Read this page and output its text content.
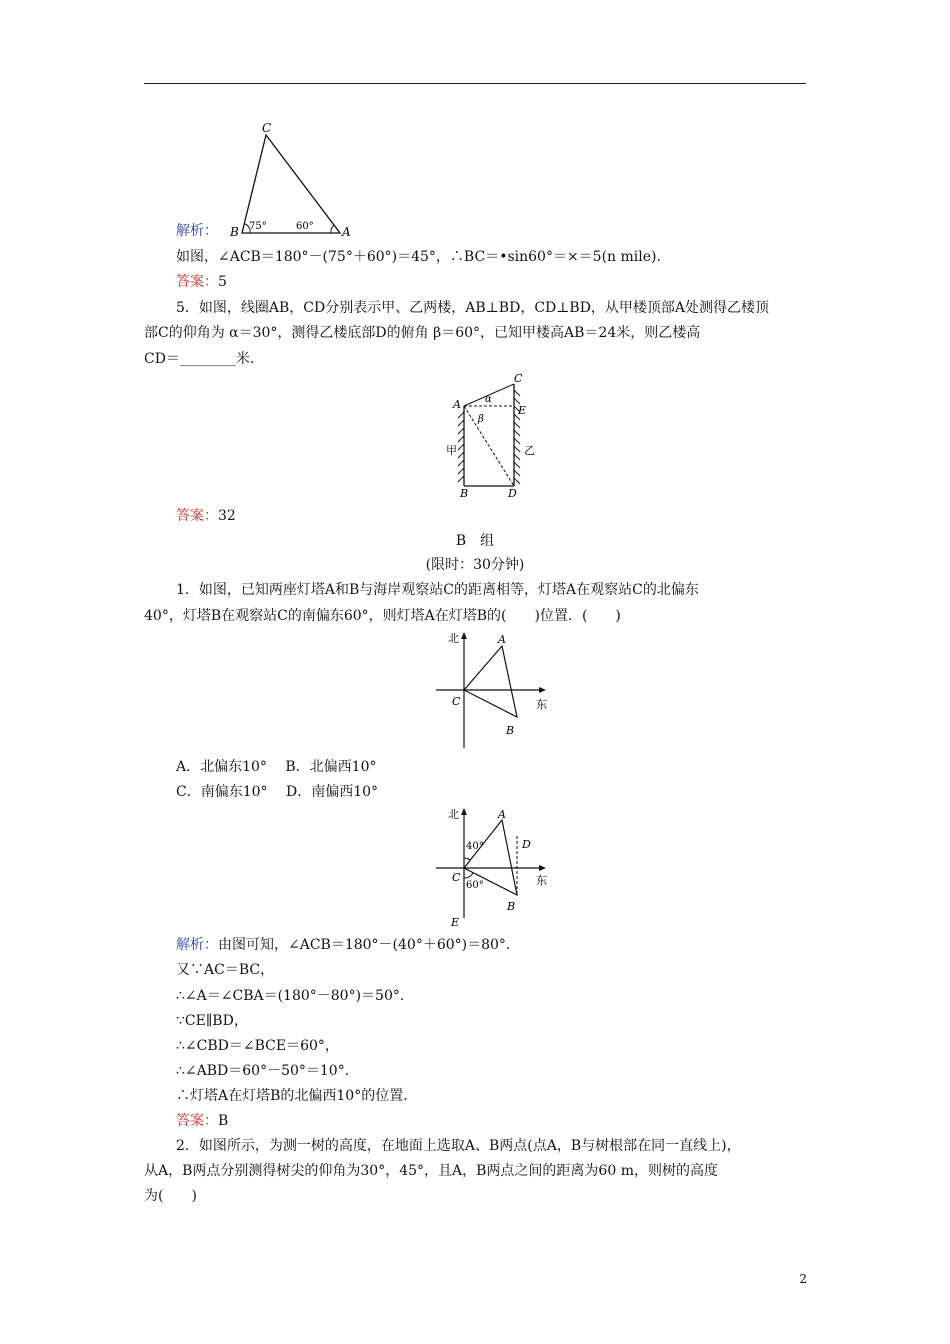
C
B	A
75°	60°
解析：
如图，∠ACB＝180°－(75°＋60°)＝45°，∴BC＝•sin60°＝×＝5(n mile).
答案：5
5．如图，线圈AB，CD分别表示甲、乙两楼，AB⊥BD，CD⊥BD，从甲楼顶部A处测得乙楼顶
部C的仰角为 α＝30°，测得乙楼底部D的俯角 β＝60°，已知甲楼高AB＝24米，则乙楼高
CD＝________米.
A
C
E
B	D
α
β
甲	乙
答案：32
B　组
(限时：30分钟)
1．如图，已知两座灯塔A和B与海岸观察站C的距离相等，灯塔A在观察站C的北偏东
40°，灯塔B在观察站C的南偏东60°，则灯塔A在灯塔B的(　　)位置．(　　)
北
东
A
B
C
A．北偏东10°　 B．北偏西10°
C．南偏东10°　 D．南偏西10°
北
东
A
B
C
D
E
40°
60°
解析：由图可知，∠ACB＝180°－(40°＋60°)＝80°.
又∵AC＝BC，
∴∠A＝∠CBA＝(180°－80°)＝50°.
∵CE∥BD，
∴∠CBD＝∠BCE＝60°，
∴∠ABD＝60°－50°＝10°.
∴灯塔A在灯塔B的北偏西10°的位置.
答案：B
2．如图所示，为测一树的高度，在地面上选取A、B两点(点A，B与树根部在同一直线上)，
从A，B两点分别测得树尖的仰角为30°，45°，且A，B两点之间的距离为60 m，则树的高度
为(　　)
2
